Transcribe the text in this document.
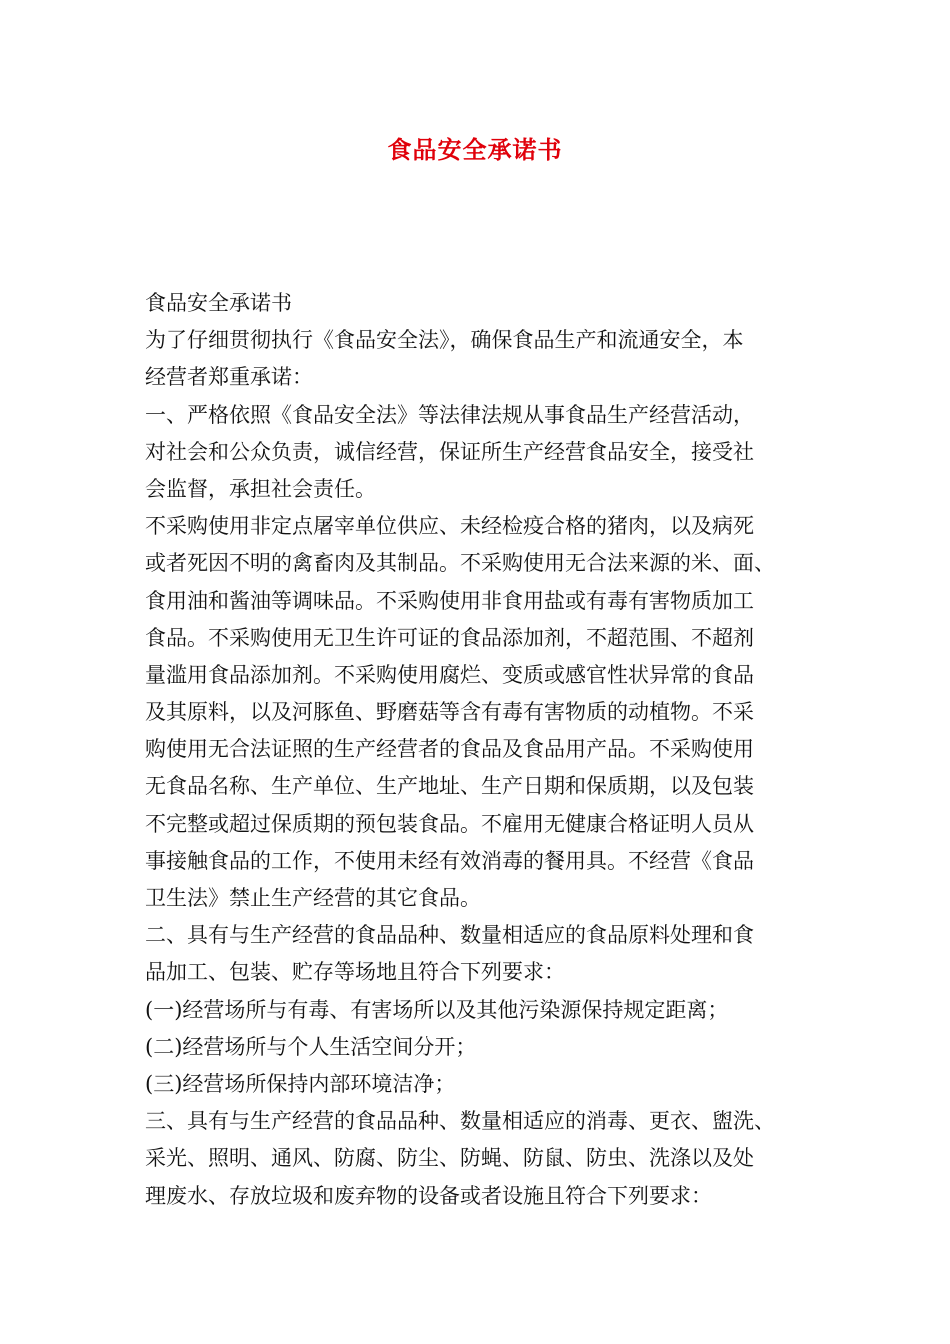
食品安全承诺书
食品安全承诺书
为了仔细贯彻执行《食品安全法》，确保食品生产和流通安全，本
经营者郑重承诺：
一、严格依照《食品安全法》等法律法规从事食品生产经营活动，
对社会和公众负责，诚信经营，保证所生产经营食品安全，接受社
会监督，承担社会责任。
不采购使用非定点屠宰单位供应、未经检疫合格的猪肉，以及病死
或者死因不明的禽畜肉及其制品。不采购使用无合法来源的米、面、
食用油和酱油等调味品。不采购使用非食用盐或有毒有害物质加工
食品。不采购使用无卫生许可证的食品添加剂，不超范围、不超剂
量滥用食品添加剂。不采购使用腐烂、变质或感官性状异常的食品
及其原料，以及河豚鱼、野磨菇等含有毒有害物质的动植物。不采
购使用无合法证照的生产经营者的食品及食品用产品。不采购使用
无食品名称、生产单位、生产地址、生产日期和保质期，以及包装
不完整或超过保质期的预包装食品。不雇用无健康合格证明人员从
事接触食品的工作，不使用未经有效消毒的餐用具。不经营《食品
卫生法》禁止生产经营的其它食品。
二、具有与生产经营的食品品种、数量相适应的食品原料处理和食
品加工、包装、贮存等场地且符合下列要求：
(一)经营场所与有毒、有害场所以及其他污染源保持规定距离；
(二)经营场所与个人生活空间分开；
(三)经营场所保持内部环境洁净；
三、具有与生产经营的食品品种、数量相适应的消毒、更衣、盥洗、
采光、照明、通风、防腐、防尘、防蝇、防鼠、防虫、洗涤以及处
理废水、存放垃圾和废弃物的设备或者设施且符合下列要求：
